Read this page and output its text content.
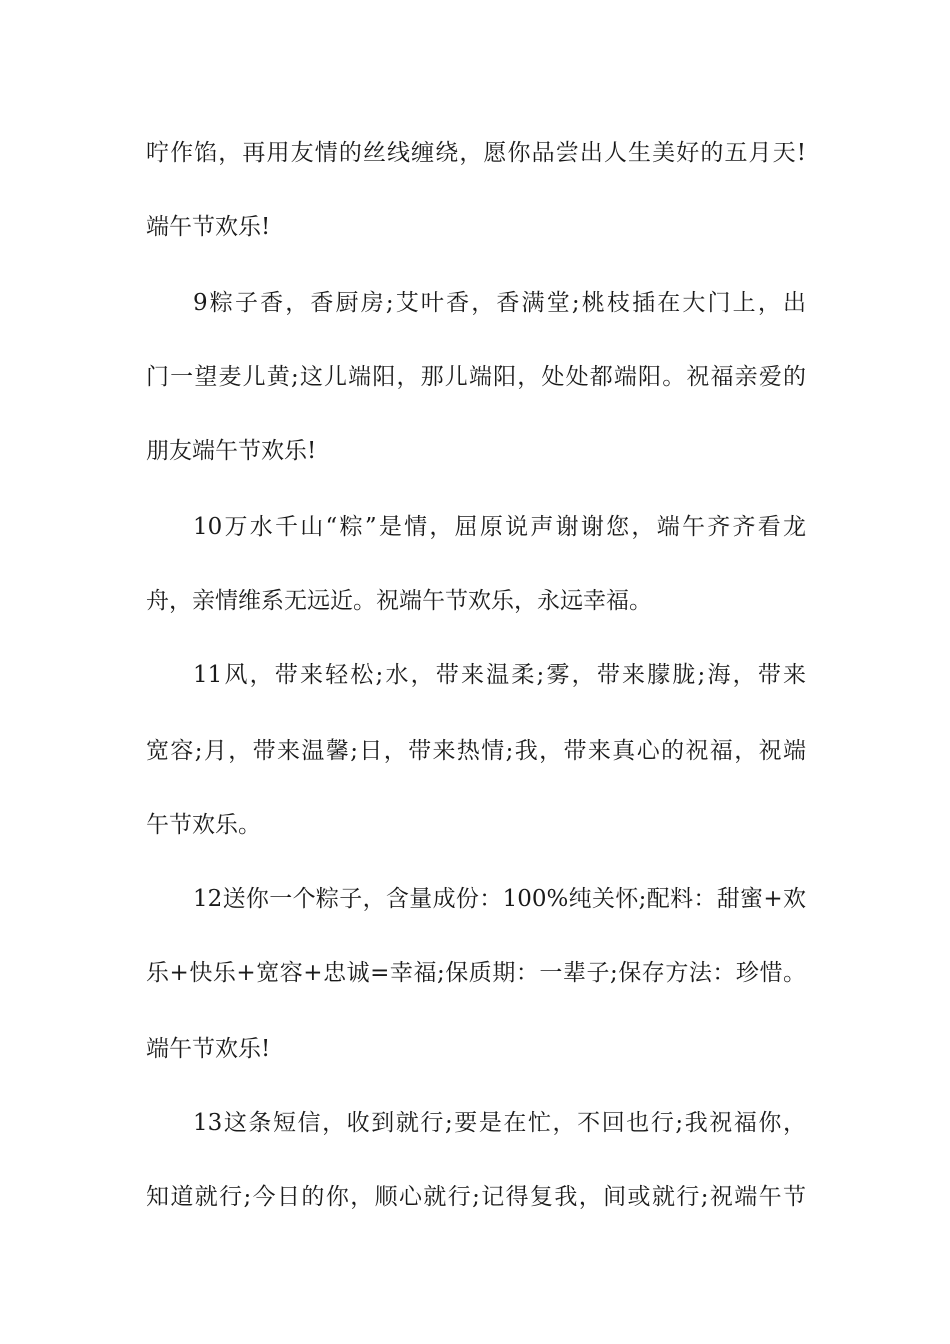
咛作馅，再用友情的丝线缠绕，愿你品尝出人生美好的五月天!
端午节欢乐!
9粽子香，香厨房;艾叶香，香满堂;桃枝插在大门上，出
门一望麦儿黄;这儿端阳，那儿端阳，处处都端阳。祝福亲爱的
朋友端午节欢乐!
10万水千山“粽”是情，屈原说声谢谢您，端午齐齐看龙
舟，亲情维系无远近。祝端午节欢乐，永远幸福。
11风，带来轻松;水，带来温柔;雾，带来朦胧;海，带来
宽容;月，带来温馨;日，带来热情;我，带来真心的祝福，祝端
午节欢乐。
12送你一个粽子，含量成份：100%纯关怀;配料：甜蜜+欢
乐+快乐+宽容+忠诚=幸福;保质期：一辈子;保存方法：珍惜。
端午节欢乐!
13这条短信，收到就行;要是在忙，不回也行;我祝福你，
知道就行;今日的你，顺心就行;记得复我，间或就行;祝端午节
